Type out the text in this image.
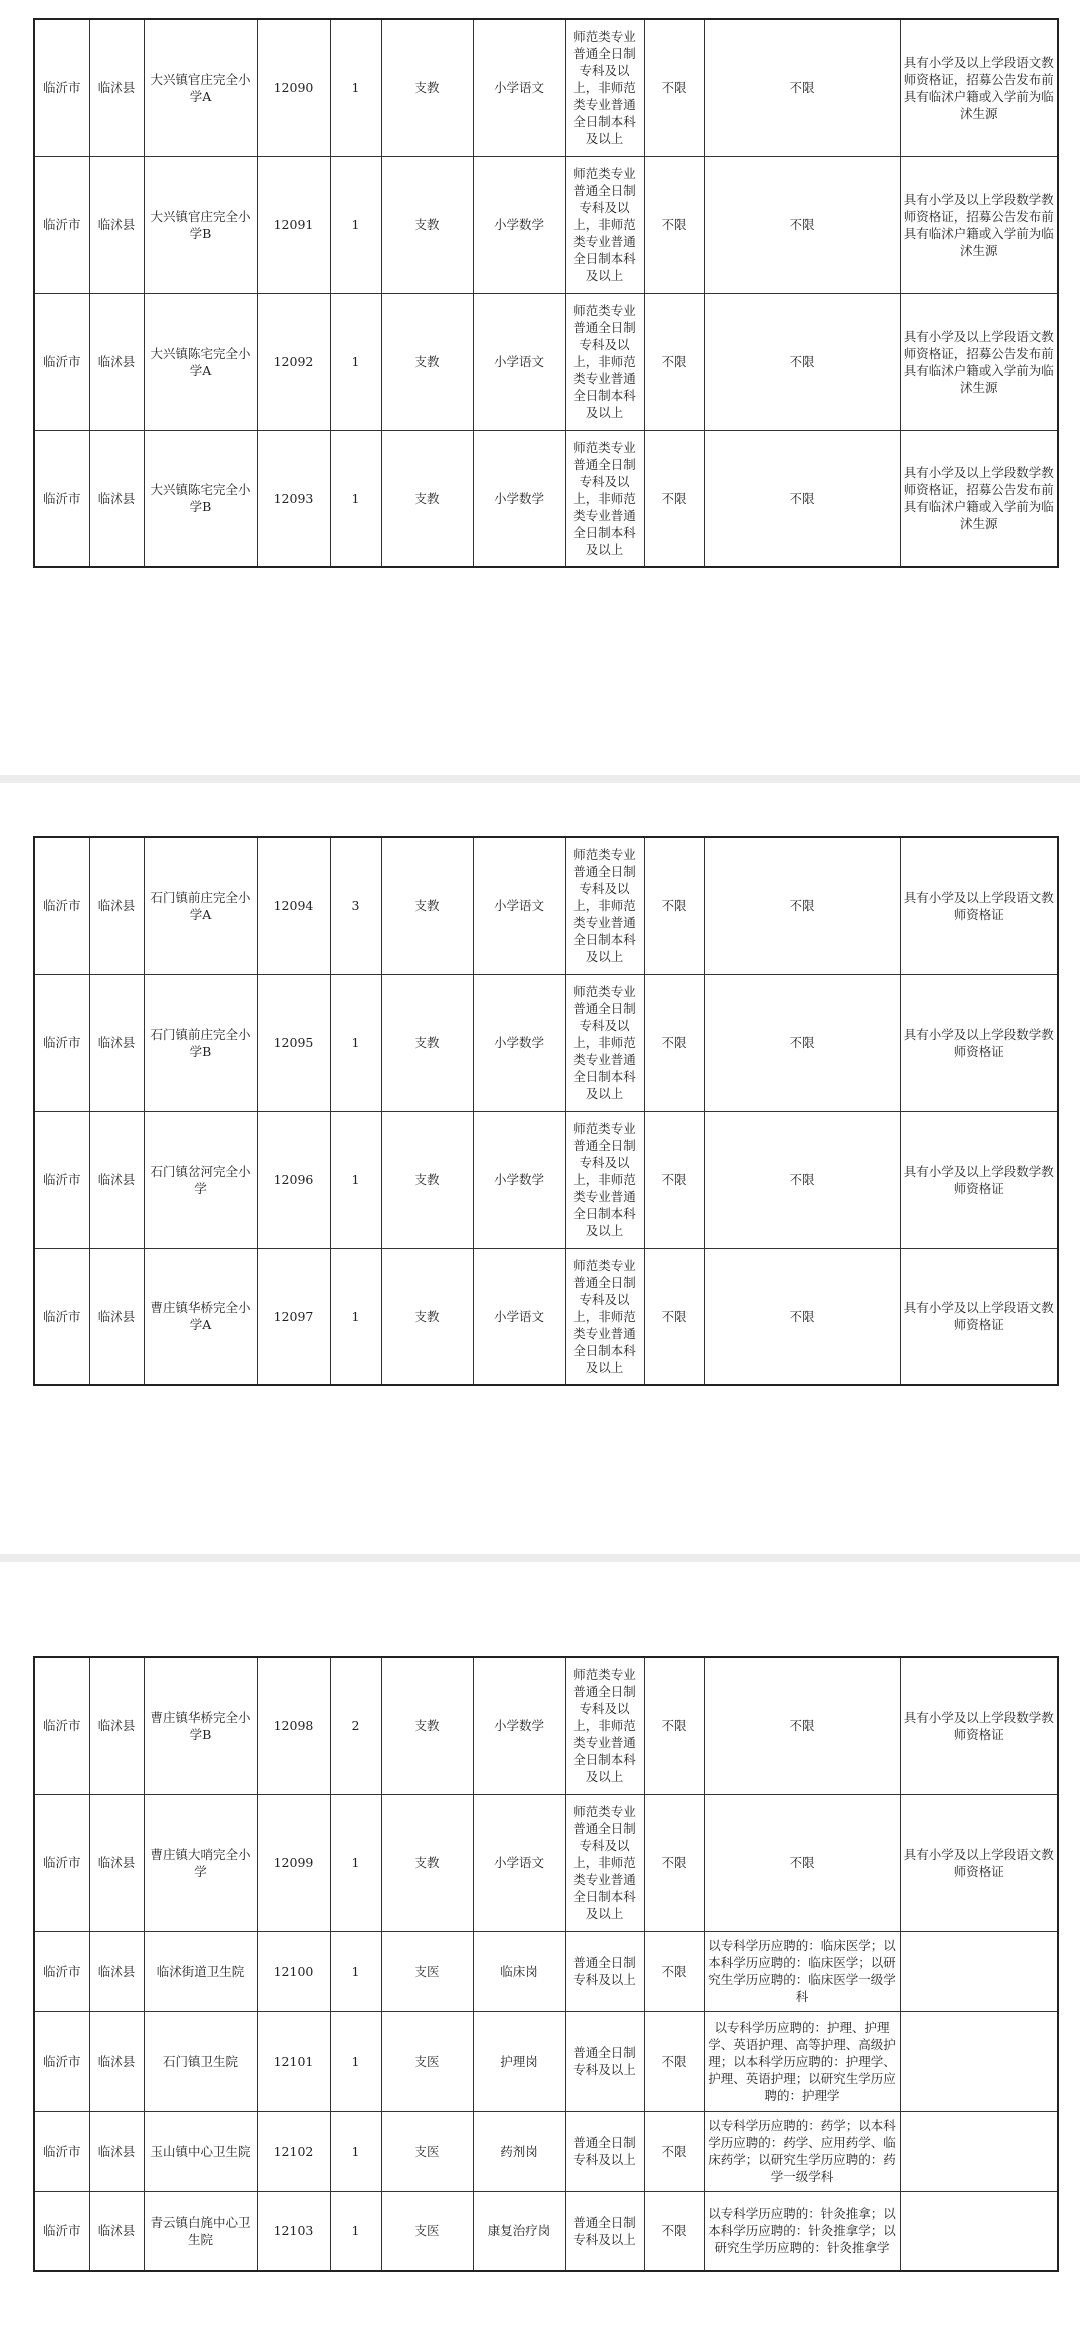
临沂市	临沭县	大兴镇官庄完全小学A	12090	1	支教	小学语文	师范类专业普通全日制专科及以上，非师范类专业普通全日制本科及以上	不限	不限	具有小学及以上学段语文教师资格证，招募公告发布前具有临沭户籍或入学前为临沭生源
临沂市	临沭县	大兴镇官庄完全小学B	12091	1	支教	小学数学	师范类专业普通全日制专科及以上，非师范类专业普通全日制本科及以上	不限	不限	具有小学及以上学段数学教师资格证，招募公告发布前具有临沭户籍或入学前为临沭生源
临沂市	临沭县	大兴镇陈宅完全小学A	12092	1	支教	小学语文	师范类专业普通全日制专科及以上，非师范类专业普通全日制本科及以上	不限	不限	具有小学及以上学段语文教师资格证，招募公告发布前具有临沭户籍或入学前为临沭生源
临沂市	临沭县	大兴镇陈宅完全小学B	12093	1	支教	小学数学	师范类专业普通全日制专科及以上，非师范类专业普通全日制本科及以上	不限	不限	具有小学及以上学段数学教师资格证，招募公告发布前具有临沭户籍或入学前为临沭生源
临沂市	临沭县	石门镇前庄完全小学A	12094	3	支教	小学语文	师范类专业普通全日制专科及以上，非师范类专业普通全日制本科及以上	不限	不限	具有小学及以上学段语文教师资格证
临沂市	临沭县	石门镇前庄完全小学B	12095	1	支教	小学数学	师范类专业普通全日制专科及以上，非师范类专业普通全日制本科及以上	不限	不限	具有小学及以上学段数学教师资格证
临沂市	临沭县	石门镇岔河完全小学	12096	1	支教	小学数学	师范类专业普通全日制专科及以上，非师范类专业普通全日制本科及以上	不限	不限	具有小学及以上学段数学教师资格证
临沂市	临沭县	曹庄镇华桥完全小学A	12097	1	支教	小学语文	师范类专业普通全日制专科及以上，非师范类专业普通全日制本科及以上	不限	不限	具有小学及以上学段语文教师资格证
临沂市	临沭县	曹庄镇华桥完全小学B	12098	2	支教	小学数学	师范类专业普通全日制专科及以上，非师范类专业普通全日制本科及以上	不限	不限	具有小学及以上学段数学教师资格证
临沂市	临沭县	曹庄镇大哨完全小学	12099	1	支教	小学语文	师范类专业普通全日制专科及以上，非师范类专业普通全日制本科及以上	不限	不限	具有小学及以上学段语文教师资格证
临沂市	临沭县	临沭街道卫生院	12100	1	支医	临床岗	普通全日制专科及以上	不限	以专科学历应聘的：临床医学；以本科学历应聘的：临床医学；以研究生学历应聘的：临床医学一级学科	
临沂市	临沭县	石门镇卫生院	12101	1	支医	护理岗	普通全日制专科及以上	不限	以专科学历应聘的：护理、护理学、英语护理、高等护理、高级护理；以本科学历应聘的：护理学、护理、英语护理；以研究生学历应聘的：护理学	
临沂市	临沭县	玉山镇中心卫生院	12102	1	支医	药剂岗	普通全日制专科及以上	不限	以专科学历应聘的：药学；以本科学历应聘的：药学、应用药学、临床药学；以研究生学历应聘的：药学一级学科	
临沂市	临沭县	青云镇白旄中心卫生院	12103	1	支医	康复治疗岗	普通全日制专科及以上	不限	以专科学历应聘的：针灸推拿；以本科学历应聘的：针灸推拿学；以研究生学历应聘的：针灸推拿学	
